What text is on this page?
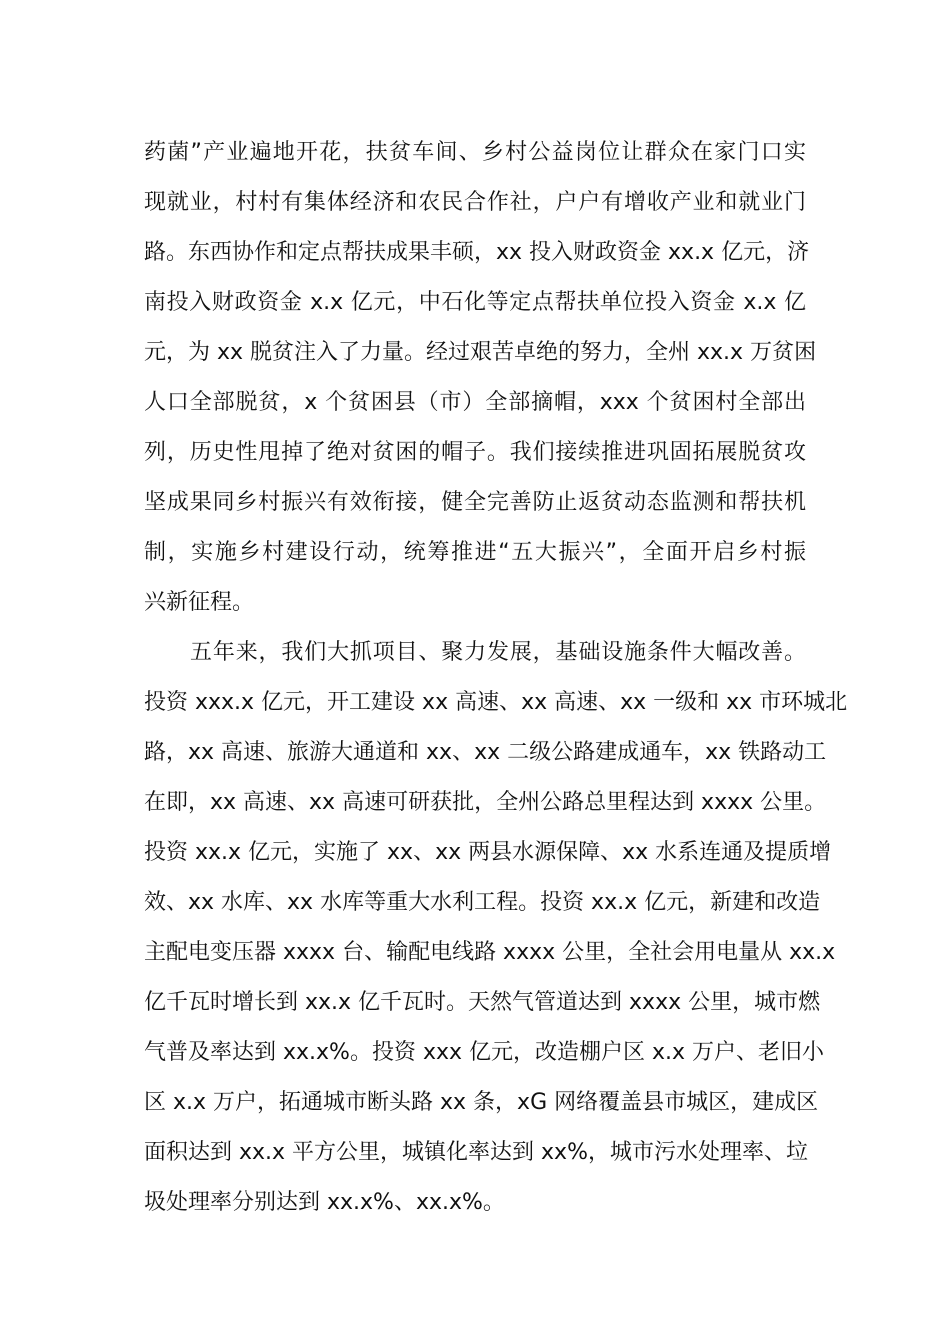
药菌”产业遍地开花，扶贫车间、乡村公益岗位让群众在家门口实
现就业，村村有集体经济和农民合作社，户户有增收产业和就业门
路。东西协作和定点帮扶成果丰硕，xx 投入财政资金 xx.x 亿元，济
南投入财政资金 x.x 亿元，中石化等定点帮扶单位投入资金 x.x 亿
元，为 xx 脱贫注入了力量。经过艰苦卓绝的努力，全州 xx.x 万贫困
人口全部脱贫，x 个贫困县（市）全部摘帽，xxx 个贫困村全部出
列，历史性甩掉了绝对贫困的帽子。我们接续推进巩固拓展脱贫攻
坚成果同乡村振兴有效衔接，健全完善防止返贫动态监测和帮扶机
制，实施乡村建设行动，统筹推进“五大振兴”，全面开启乡村振
兴新征程。
五年来，我们大抓项目、聚力发展，基础设施条件大幅改善。
投资 xxx.x 亿元，开工建设 xx 高速、xx 高速、xx 一级和 xx 市环城北
路，xx 高速、旅游大通道和 xx、xx 二级公路建成通车，xx 铁路动工
在即，xx 高速、xx 高速可研获批，全州公路总里程达到 xxxx 公里。
投资 xx.x 亿元，实施了 xx、xx 两县水源保障、xx 水系连通及提质增
效、xx 水库、xx 水库等重大水利工程。投资 xx.x 亿元，新建和改造
主配电变压器 xxxx 台、输配电线路 xxxx 公里，全社会用电量从 xx.x
亿千瓦时增长到 xx.x 亿千瓦时。天然气管道达到 xxxx 公里，城市燃
气普及率达到 xx.x%。投资 xxx 亿元，改造棚户区 x.x 万户、老旧小
区 x.x 万户，拓通城市断头路 xx 条，xG 网络覆盖县市城区，建成区
面积达到 xx.x 平方公里，城镇化率达到 xx%，城市污水处理率、垃
圾处理率分别达到 xx.x%、xx.x%。
